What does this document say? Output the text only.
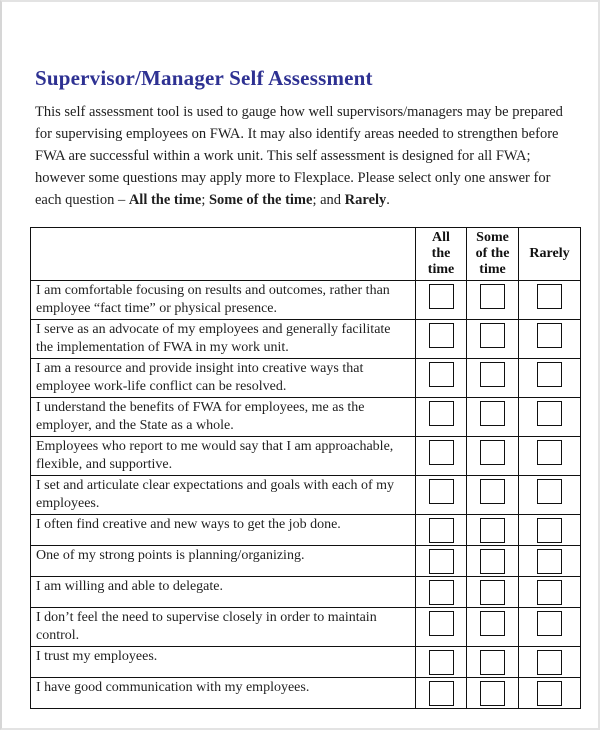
Supervisor/Manager Self Assessment

This self assessment tool is used to gauge how well supervisors/managers may be prepared for supervising employees on FWA. It may also identify areas needed to strengthen before FWA are successful within a work unit. This self assessment is designed for all FWA; however some questions may apply more to Flexplace. Please select only one answer for each question – All the time; Some of the time; and Rarely.

	All
the
time	Some
of the
time	Rarely
I am comfortable focusing on results and outcomes, rather than employee “fact time” or physical presence.	

I serve as an advocate of my employees and generally facilitate the implementation of FWA in my work unit.	

I am a resource and provide insight into creative ways that employee work-life conflict can be resolved.	

I understand the benefits of FWA for employees, me as the employer, and the State as a whole.	

Employees who report to me would say that I am approachable, flexible, and supportive.	

I set and articulate clear expectations and goals with each of my employees.	

I often find creative and new ways to get the job done.	

One of my strong points is planning/organizing.	

I am willing and able to delegate.	

I don’t feel the need to supervise closely in order to maintain control.	

I trust my employees.	

I have good communication with my employees.	
